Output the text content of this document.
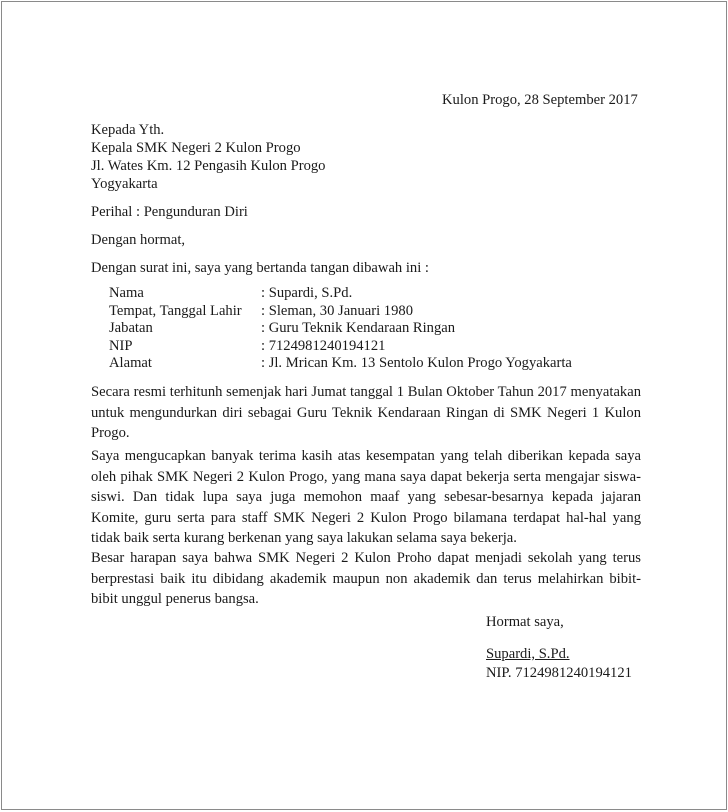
Kulon Progo, 28 September 2017
Kepada Yth.
Kepala SMK Negeri 2 Kulon Progo
Jl. Wates Km. 12 Pengasih Kulon Progo
Yogyakarta
Perihal : Pengunduran Diri
Dengan hormat,
Dengan surat ini, saya yang bertanda tangan dibawah ini :
Nama	: Supardi, S.Pd.
Tempat, Tanggal Lahir : Sleman, 30 Januari 1980
Jabatan	: Guru Teknik Kendaraan Ringan
NIP	: 7124981240194121
Alamat	: Jl. Mrican Km. 13 Sentolo Kulon Progo Yogyakarta
Secara resmi terhitunh semenjak hari Jumat tanggal 1 Bulan Oktober Tahun 2017 menyatakan untuk mengundurkan diri sebagai Guru Teknik Kendaraan Ringan di SMK Negeri 1 Kulon Progo.
Saya mengucapkan banyak terima kasih atas kesempatan yang telah diberikan kepada saya oleh pihak SMK Negeri 2 Kulon Progo, yang mana saya dapat bekerja serta mengajar siswa-siswi. Dan tidak lupa saya juga memohon maaf yang sebesar-besarnya kepada jajaran Komite, guru serta para staff SMK Negeri 2 Kulon Progo bilamana terdapat hal-hal yang tidak baik serta kurang berkenan yang saya lakukan selama saya bekerja.
Besar harapan saya bahwa SMK Negeri 2 Kulon Proho dapat menjadi sekolah yang terus berprestasi baik itu dibidang akademik maupun non akademik dan terus melahirkan bibit-bibit unggul penerus bangsa.
Hormat saya,
Supardi, S.Pd.
NIP. 7124981240194121
